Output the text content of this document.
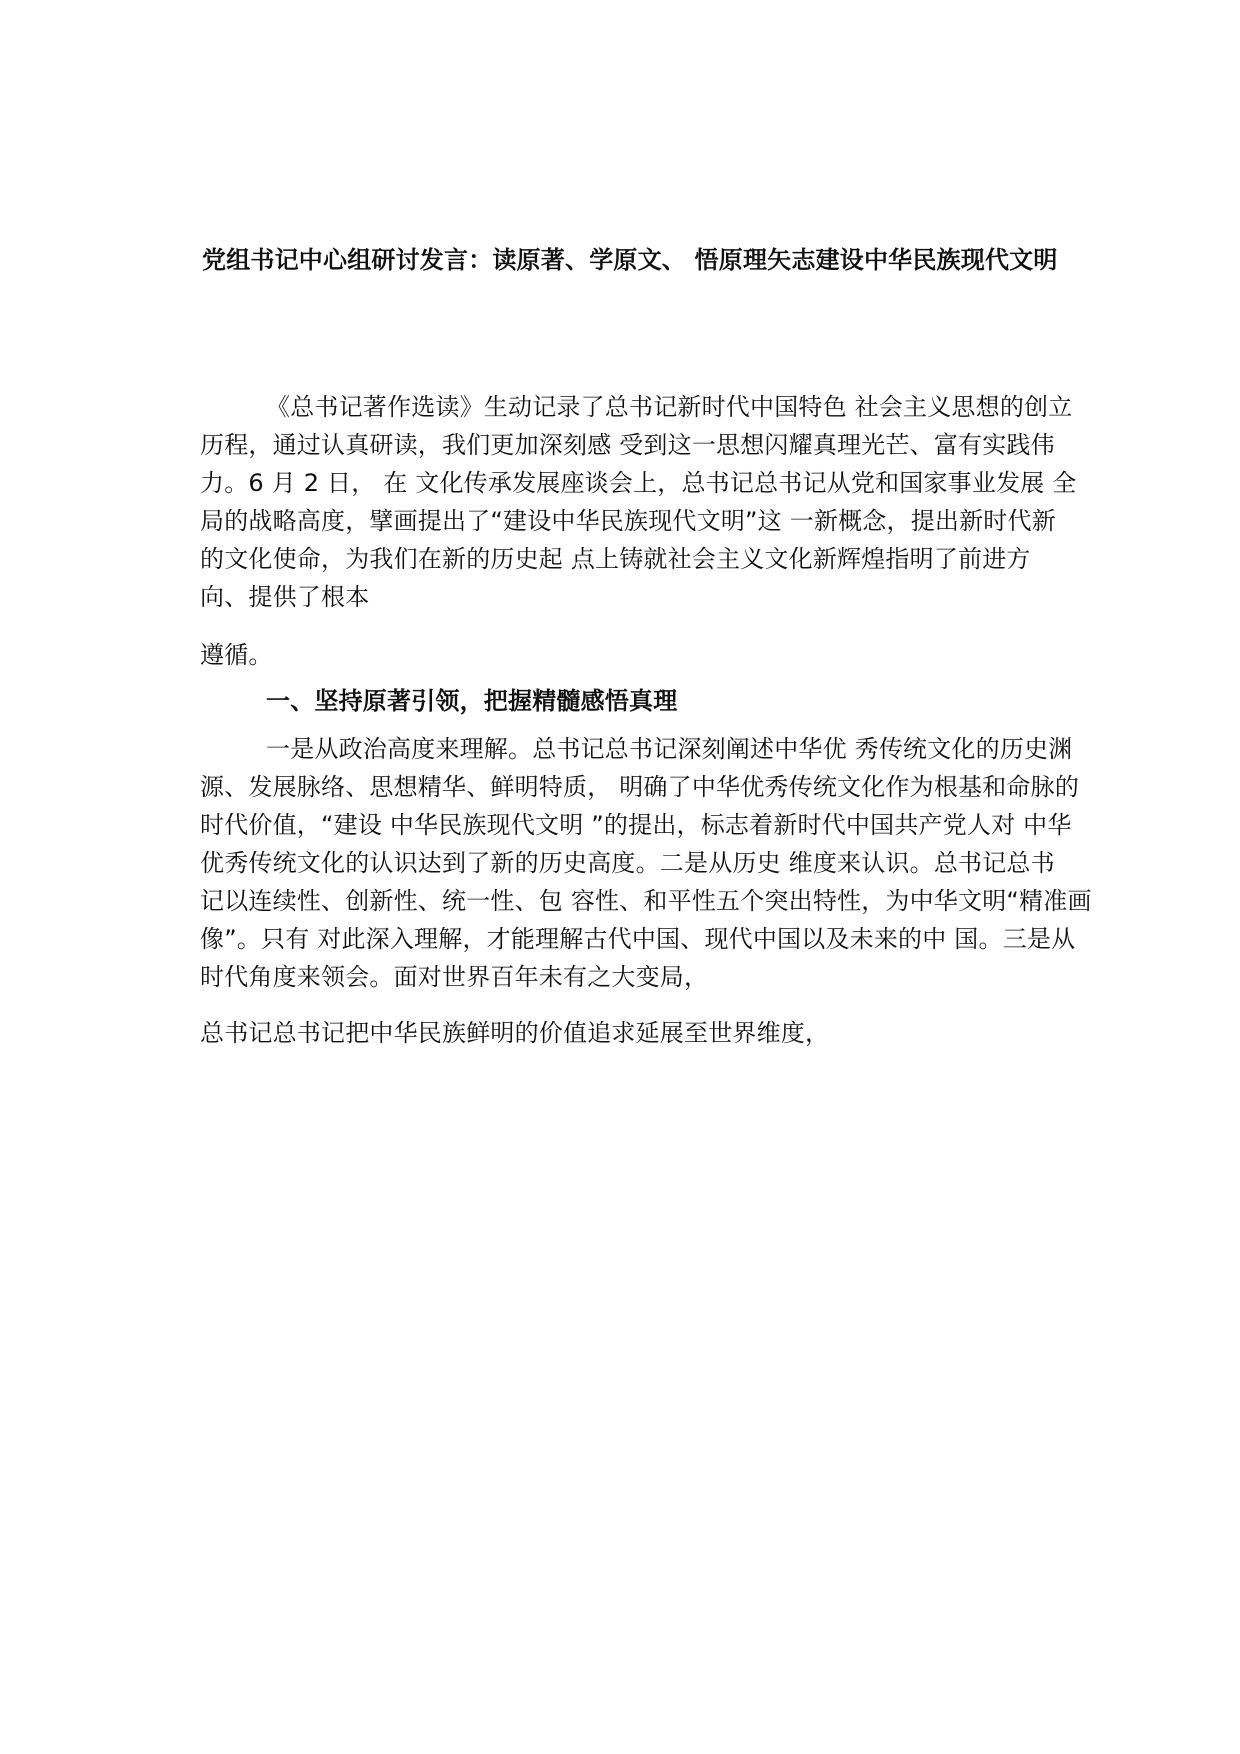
党组书记中心组研讨发言：读原著、学原文、 悟原理矢志建设中华民族现代文明
《总书记著作选读》生动记录了总书记新时代中国特色 社会主义思想的创立
历程，通过认真研读，我们更加深刻感 受到这一思想闪耀真理光芒、富有实践伟
力。6 月 2 日， 在 文化传承发展座谈会上，总书记总书记从党和国家事业发展 全
局的战略高度，擘画提出了“建设中华民族现代文明”这 一新概念，提出新时代新
的文化使命，为我们在新的历史起 点上铸就社会主义文化新辉煌指明了前进方
向、提供了根本
遵循。
一、坚持原著引领，把握精髓感悟真理
一是从政治高度来理解。总书记总书记深刻阐述中华优 秀传统文化的历史渊
源、发展脉络、思想精华、鲜明特质， 明确了中华优秀传统文化作为根基和命脉的
时代价值，“建设 中华民族现代文明 ”的提出，标志着新时代中国共产党人对 中华
优秀传统文化的认识达到了新的历史高度。二是从历史 维度来认识。总书记总书
记以连续性、创新性、统一性、包 容性、和平性五个突出特性，为中华文明“精准画
像”。只有 对此深入理解，才能理解古代中国、现代中国以及未来的中 国。三是从
时代角度来领会。面对世界百年未有之大变局，
总书记总书记把中华民族鲜明的价值追求延展至世界维度，
